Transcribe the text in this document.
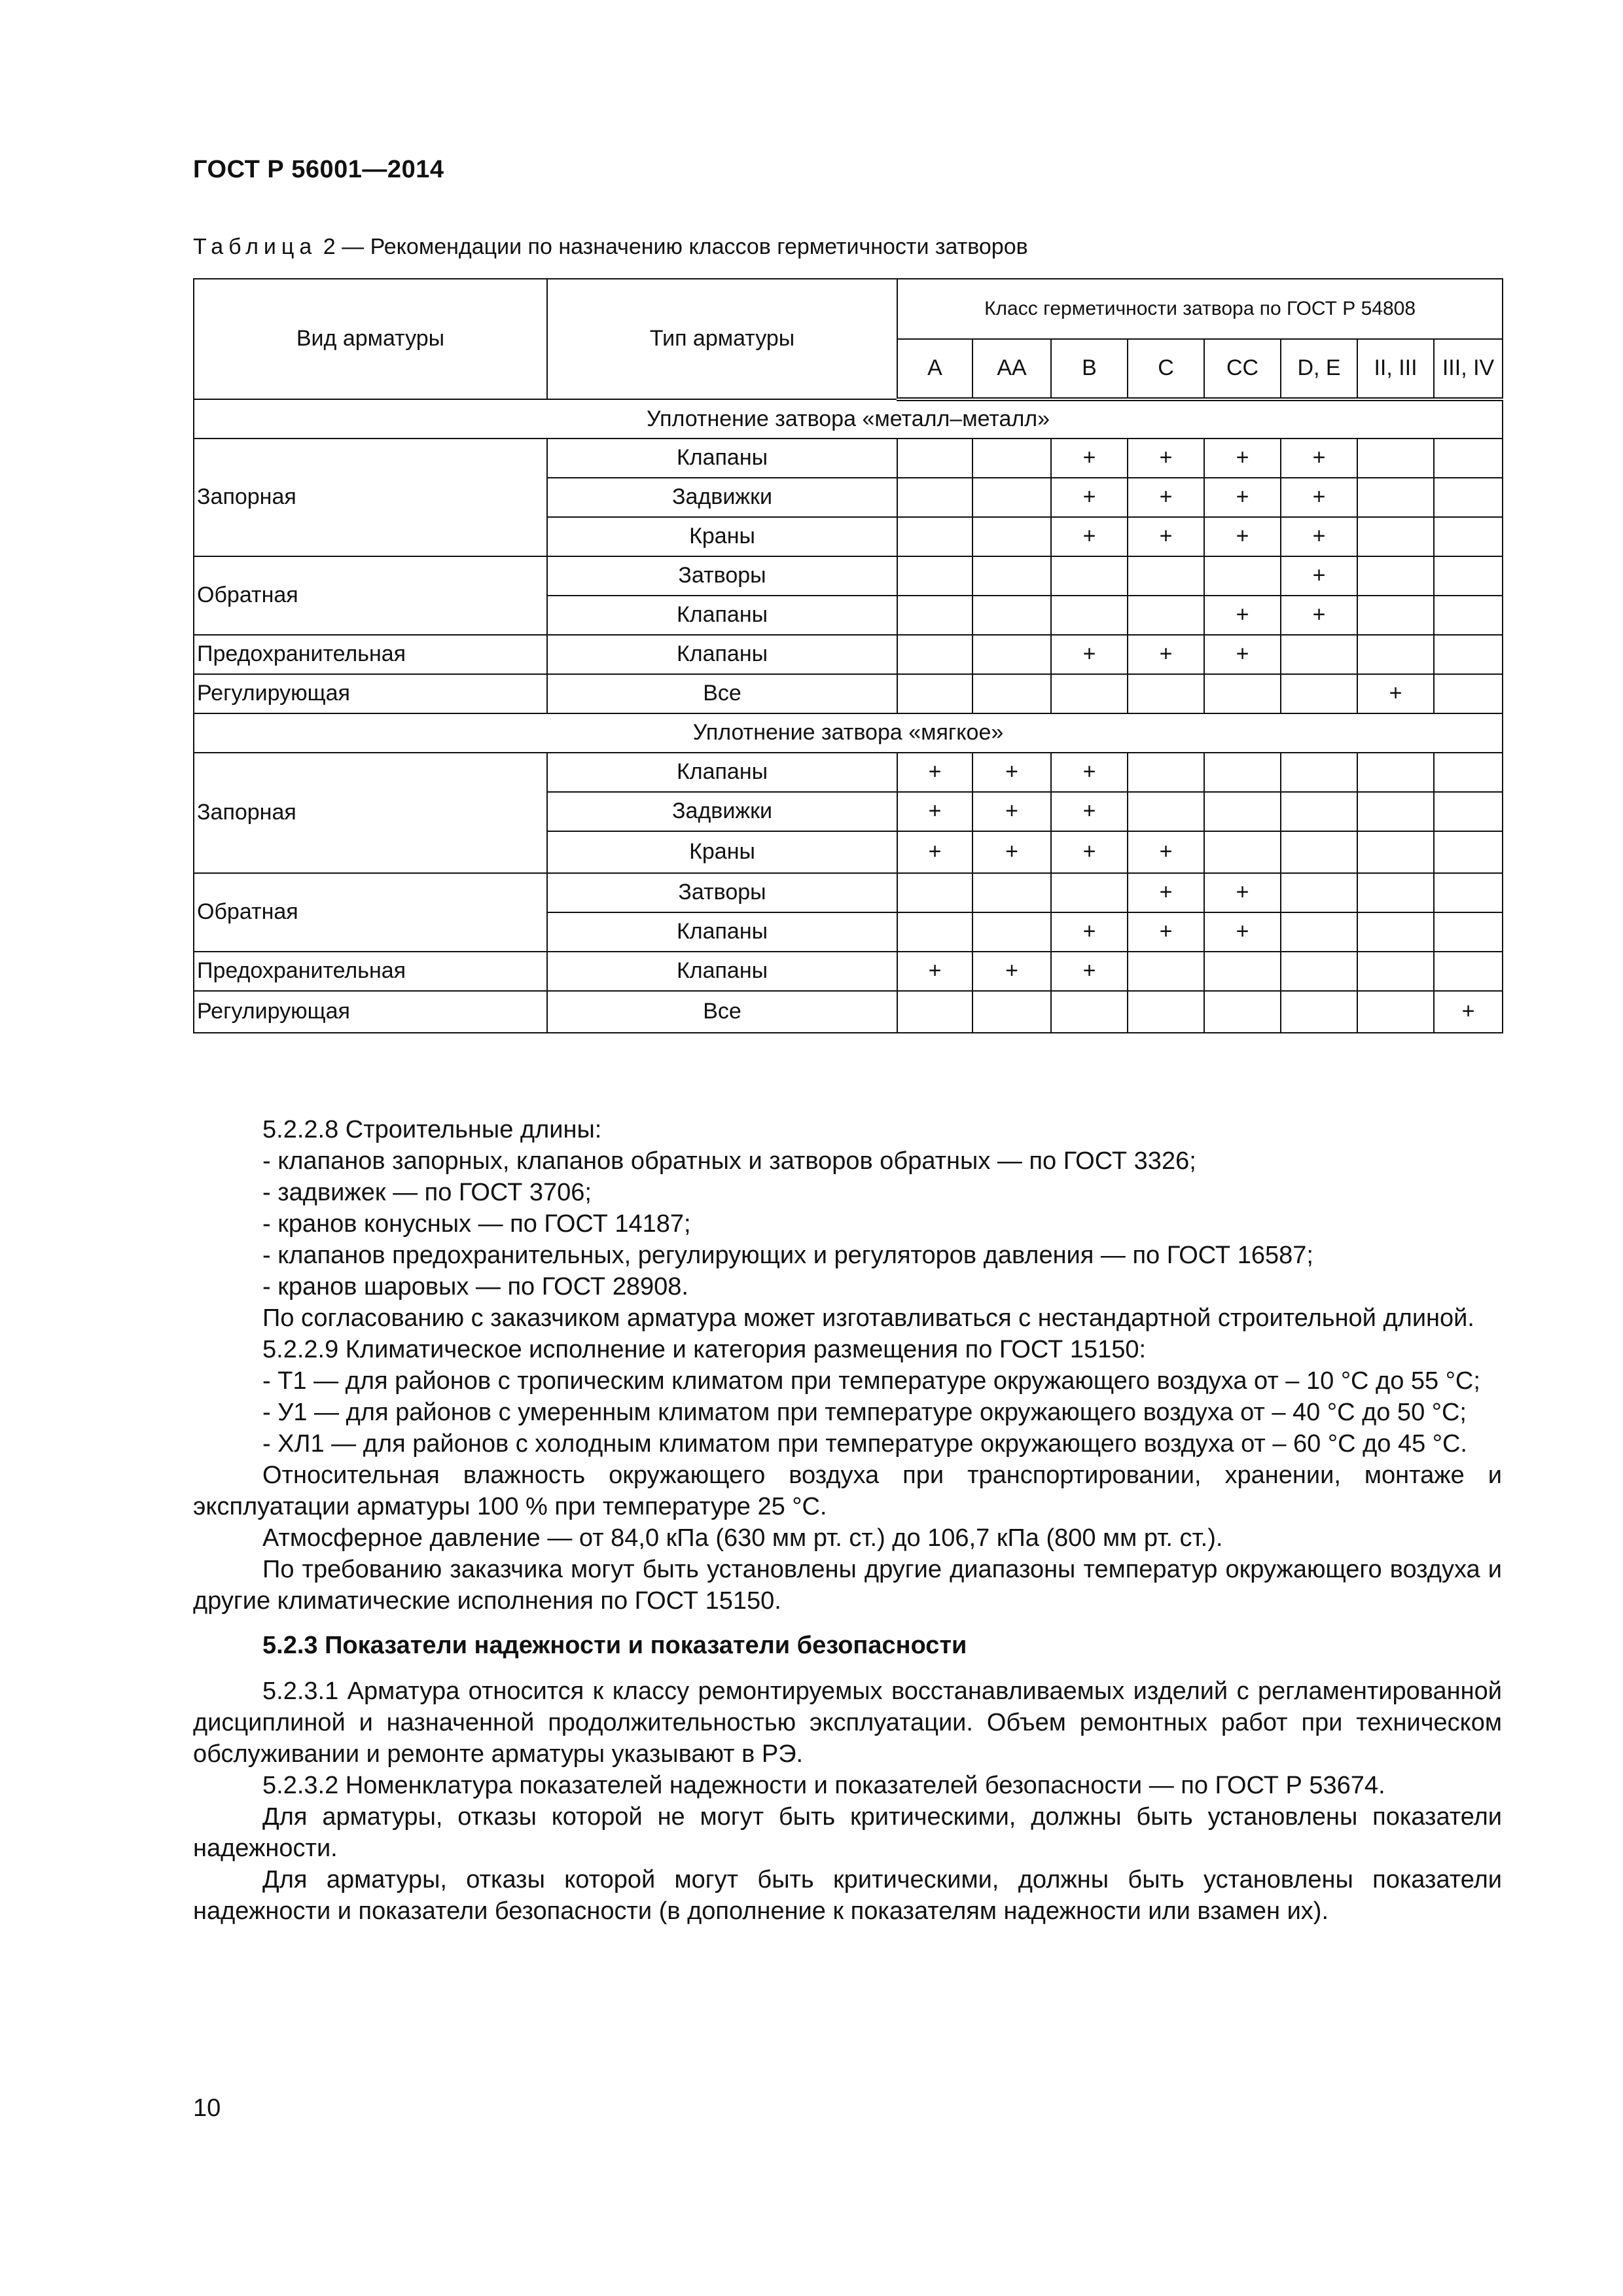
ГОСТ Р 56001—2014
Таблица 2 — Рекомендации по назначению классов герметичности затворов
Вид арматуры	Тип арматуры	Класс герметичности затвора по ГОСТ Р 54808							
		А	АА	В	С	СС	D, Е	II, III	III, IV
Уплотнение затвора «металл–металл»									
Запорная	Клапаны			+	+	+	+		
	Задвижки			+	+	+	+		
	Краны			+	+	+	+		
Обратная	Затворы						+		
	Клапаны					+	+		
Предохранительная	Клапаны			+	+	+			
Регулирующая	Все							+	
Уплотнение затвора «мягкое»									
Запорная	Клапаны	+	+	+					
	Задвижки	+	+	+					
	Краны	+	+	+	+				
Обратная	Затворы				+	+			
	Клапаны			+	+	+			
Предохранительная	Клапаны	+	+	+					
Регулирующая	Все								+

5.2.2.8 Строительные длины:

- клапанов запорных, клапанов обратных и затворов обратных — по ГОСТ 3326;

- задвижек — по ГОСТ 3706;

- кранов конусных — по ГОСТ 14187;

- клапанов предохранительных, регулирующих и регуляторов давления — по ГОСТ 16587;

- кранов шаровых — по ГОСТ 28908.

По согласованию с заказчиком арматура может изготавливаться с нестандартной строительной длиной.

5.2.2.9 Климатическое исполнение и категория размещения по ГОСТ 15150:

- Т1 — для районов с тропическим климатом при температуре окружающего воздуха от – 10 °С до 55 °С;

- У1 — для районов с умеренным климатом при температуре окружающего воздуха от – 40 °С до 50 °С;

- ХЛ1 — для районов с холодным климатом при температуре окружающего воздуха от – 60 °С до 45 °С.

Относительная влажность окружающего воздуха при транспортировании, хранении, монтаже и эксплуатации арматуры 100 % при температуре 25 °С.

Атмосферное давление — от 84,0 кПа (630 мм рт. ст.) до 106,7 кПа (800 мм рт. ст.).

По требованию заказчика могут быть установлены другие диапазоны температур окружающего воздуха и другие климатические исполнения по ГОСТ 15150.

5.2.3 Показатели надежности и показатели безопасности

5.2.3.1 Арматура относится к классу ремонтируемых восстанавливаемых изделий с регламентированной дисциплиной и назначенной продолжительностью эксплуатации. Объем ремонтных работ при техническом обслуживании и ремонте арматуры указывают в РЭ.

5.2.3.2 Номенклатура показателей надежности и показателей безопасности — по ГОСТ Р 53674.

Для арматуры, отказы которой не могут быть критическими, должны быть установлены показатели надежности.

Для арматуры, отказы которой могут быть критическими, должны быть установлены показатели надежности и показатели безопасности (в дополнение к показателям надежности или взамен их).

10
